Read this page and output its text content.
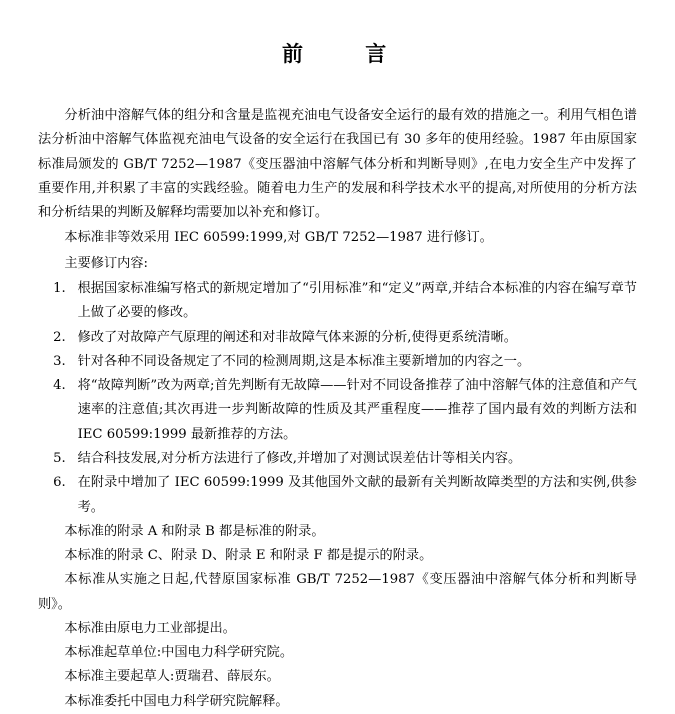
前　　言

分析油中溶解气体的组分和含量是监视充油电气设备安全运行的最有效的措施之一。利用气相色谱法分析油中溶解气体监视充油电气设备的安全运行在我国已有 30 多年的使用经验。1987 年由原国家标准局颁发的 GB/T 7252—1987《变压器油中溶解气体分析和判断导则》,在电力安全生产中发挥了重要作用,并积累了丰富的实践经验。随着电力生产的发展和科学技术水平的提高,对所使用的分析方法和分析结果的判断及解释均需要加以补充和修订。

本标准非等效采用 IEC 60599:1999,对 GB/T 7252—1987 进行修订。

主要修订内容:

1. 根据国家标准编写格式的新规定增加了“引用标准”和“定义”两章,并结合本标准的内容在编写章节上做了必要的修改。
2. 修改了对故障产气原理的阐述和对非故障气体来源的分析,使得更系统清晰。
3. 针对各种不同设备规定了不同的检测周期,这是本标准主要新增加的内容之一。
4. 将“故障判断”改为两章;首先判断有无故障——针对不同设备推荐了油中溶解气体的注意值和产气速率的注意值;其次再进一步判断故障的性质及其严重程度——推荐了国内最有效的判断方法和 IEC 60599:1999 最新推荐的方法。
5. 结合科技发展,对分析方法进行了修改,并增加了对测试误差估计等相关内容。
6. 在附录中增加了 IEC 60599:1999 及其他国外文献的最新有关判断故障类型的方法和实例,供参考。

本标准的附录 A 和附录 B 都是标准的附录。

本标准的附录 C、附录 D、附录 E 和附录 F 都是提示的附录。

本标准从实施之日起,代替原国家标准 GB/T 7252—1987《变压器油中溶解气体分析和判断导则》。

本标准由原电力工业部提出。

本标准起草单位:中国电力科学研究院。

本标准主要起草人:贾瑞君、薛辰东。

本标准委托中国电力科学研究院解释。
